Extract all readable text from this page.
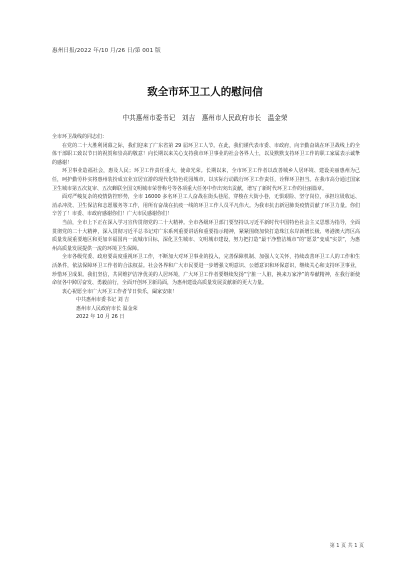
惠州日报/2022 年/10 月/26 日/第 001 版
致全市环卫工人的慰问信
中共惠州市委书记　刘吉　惠州市人民政府市长　温金荣

全市环卫战线的同志们：

在党的二十大胜利闭幕之际，我们迎来了广东省第 29 届环卫工人节。在此，我们谨代表市委、市政府，向辛勤奋战在环卫战线上的全体干部职工致以节日的祝贺和崇高的敬意！向长期以来关心支持我市环卫事业的社会各界人士，以及默默支持环卫工作的职工家属表示诚挚的感谢！

环卫事业造福社会，惠及人民；环卫工作责任重大，使命光荣。长期以来，全市环卫工作者以改善城乡人居环境、建设美丽惠州为己任，呵护勤劳朴实将惠州装扮成宜业宜居宜游的现代化特色花园城市，以实际行动践行环卫工作责任，诠释环卫担当。在我市高分通过国家卫生城市第五次复审、五次蝉联全国文明城市荣誉称号等各项重大任务中作出突出贡献，谱写了新时代环卫工作的壮丽篇章。

面对严峻复杂的疫情防控形势，全市 16000 多名环卫工人奋战在街头巷尾，穿梭在大街小巷，无惧艰险、坚守岗位，承担垃圾收运、消杀冲洗、卫生保洁和志愿服务等工作，用所有奋战在抗疫一线的环卫工作人员平凡伟大。为我市抗击新冠肺炎疫情贡献了环卫力量。你们辛苦了！市委、市政府感谢你们！广大市民感谢你们！

当前，全市上下正在深入学习宣传贯彻党的二十大精神。全市各级环卫部门要坚持以习近平新时代中国特色社会主义思想为指导，全面贯彻党的二十大精神，深入贯彻习近平总书记对广东系列重要讲话和重要指示精神，紧紧围绕加快打造珠江东岸新增长极、粤港澳大湾区高质量发展重要地区和更加幸福国内一流城市目标，深化卫生城市、文明城市建设，努力把打造“最干净整洁城市”的“愿景”变成“实景”，为惠州高质量发展提供一流的环境卫生保障。

全市各级党委、政府要高度重视环卫工作，不断加大对环卫事业的投入，完善保障机制、加强人文关怀，持续改善环卫工人的工作和生活条件，依法保障环卫工作者的合法权益。社会各界和广大市民要进一步增强文明意识、公德意识和环保意识，继续关心和支持环卫事业，珍惜环卫成果。我们坚信，共同维护洁净优美的人居环境，广大环卫工作者要继续发扬“宁脏一人脏，换来万家净”的奉献精神，在我行新使命征各中踔厉奋发、勇毅前行，全面开创环卫新局面，为惠州建设高质量发展贡献新的更大力量。

衷心祝愿全市广大环卫工作者节日快乐，阖家安康！

中共惠州市委书记 刘 吉

惠州市人民政府市长 温金荣

2022 年 10 月 26 日

第 1 页 共 1 页
